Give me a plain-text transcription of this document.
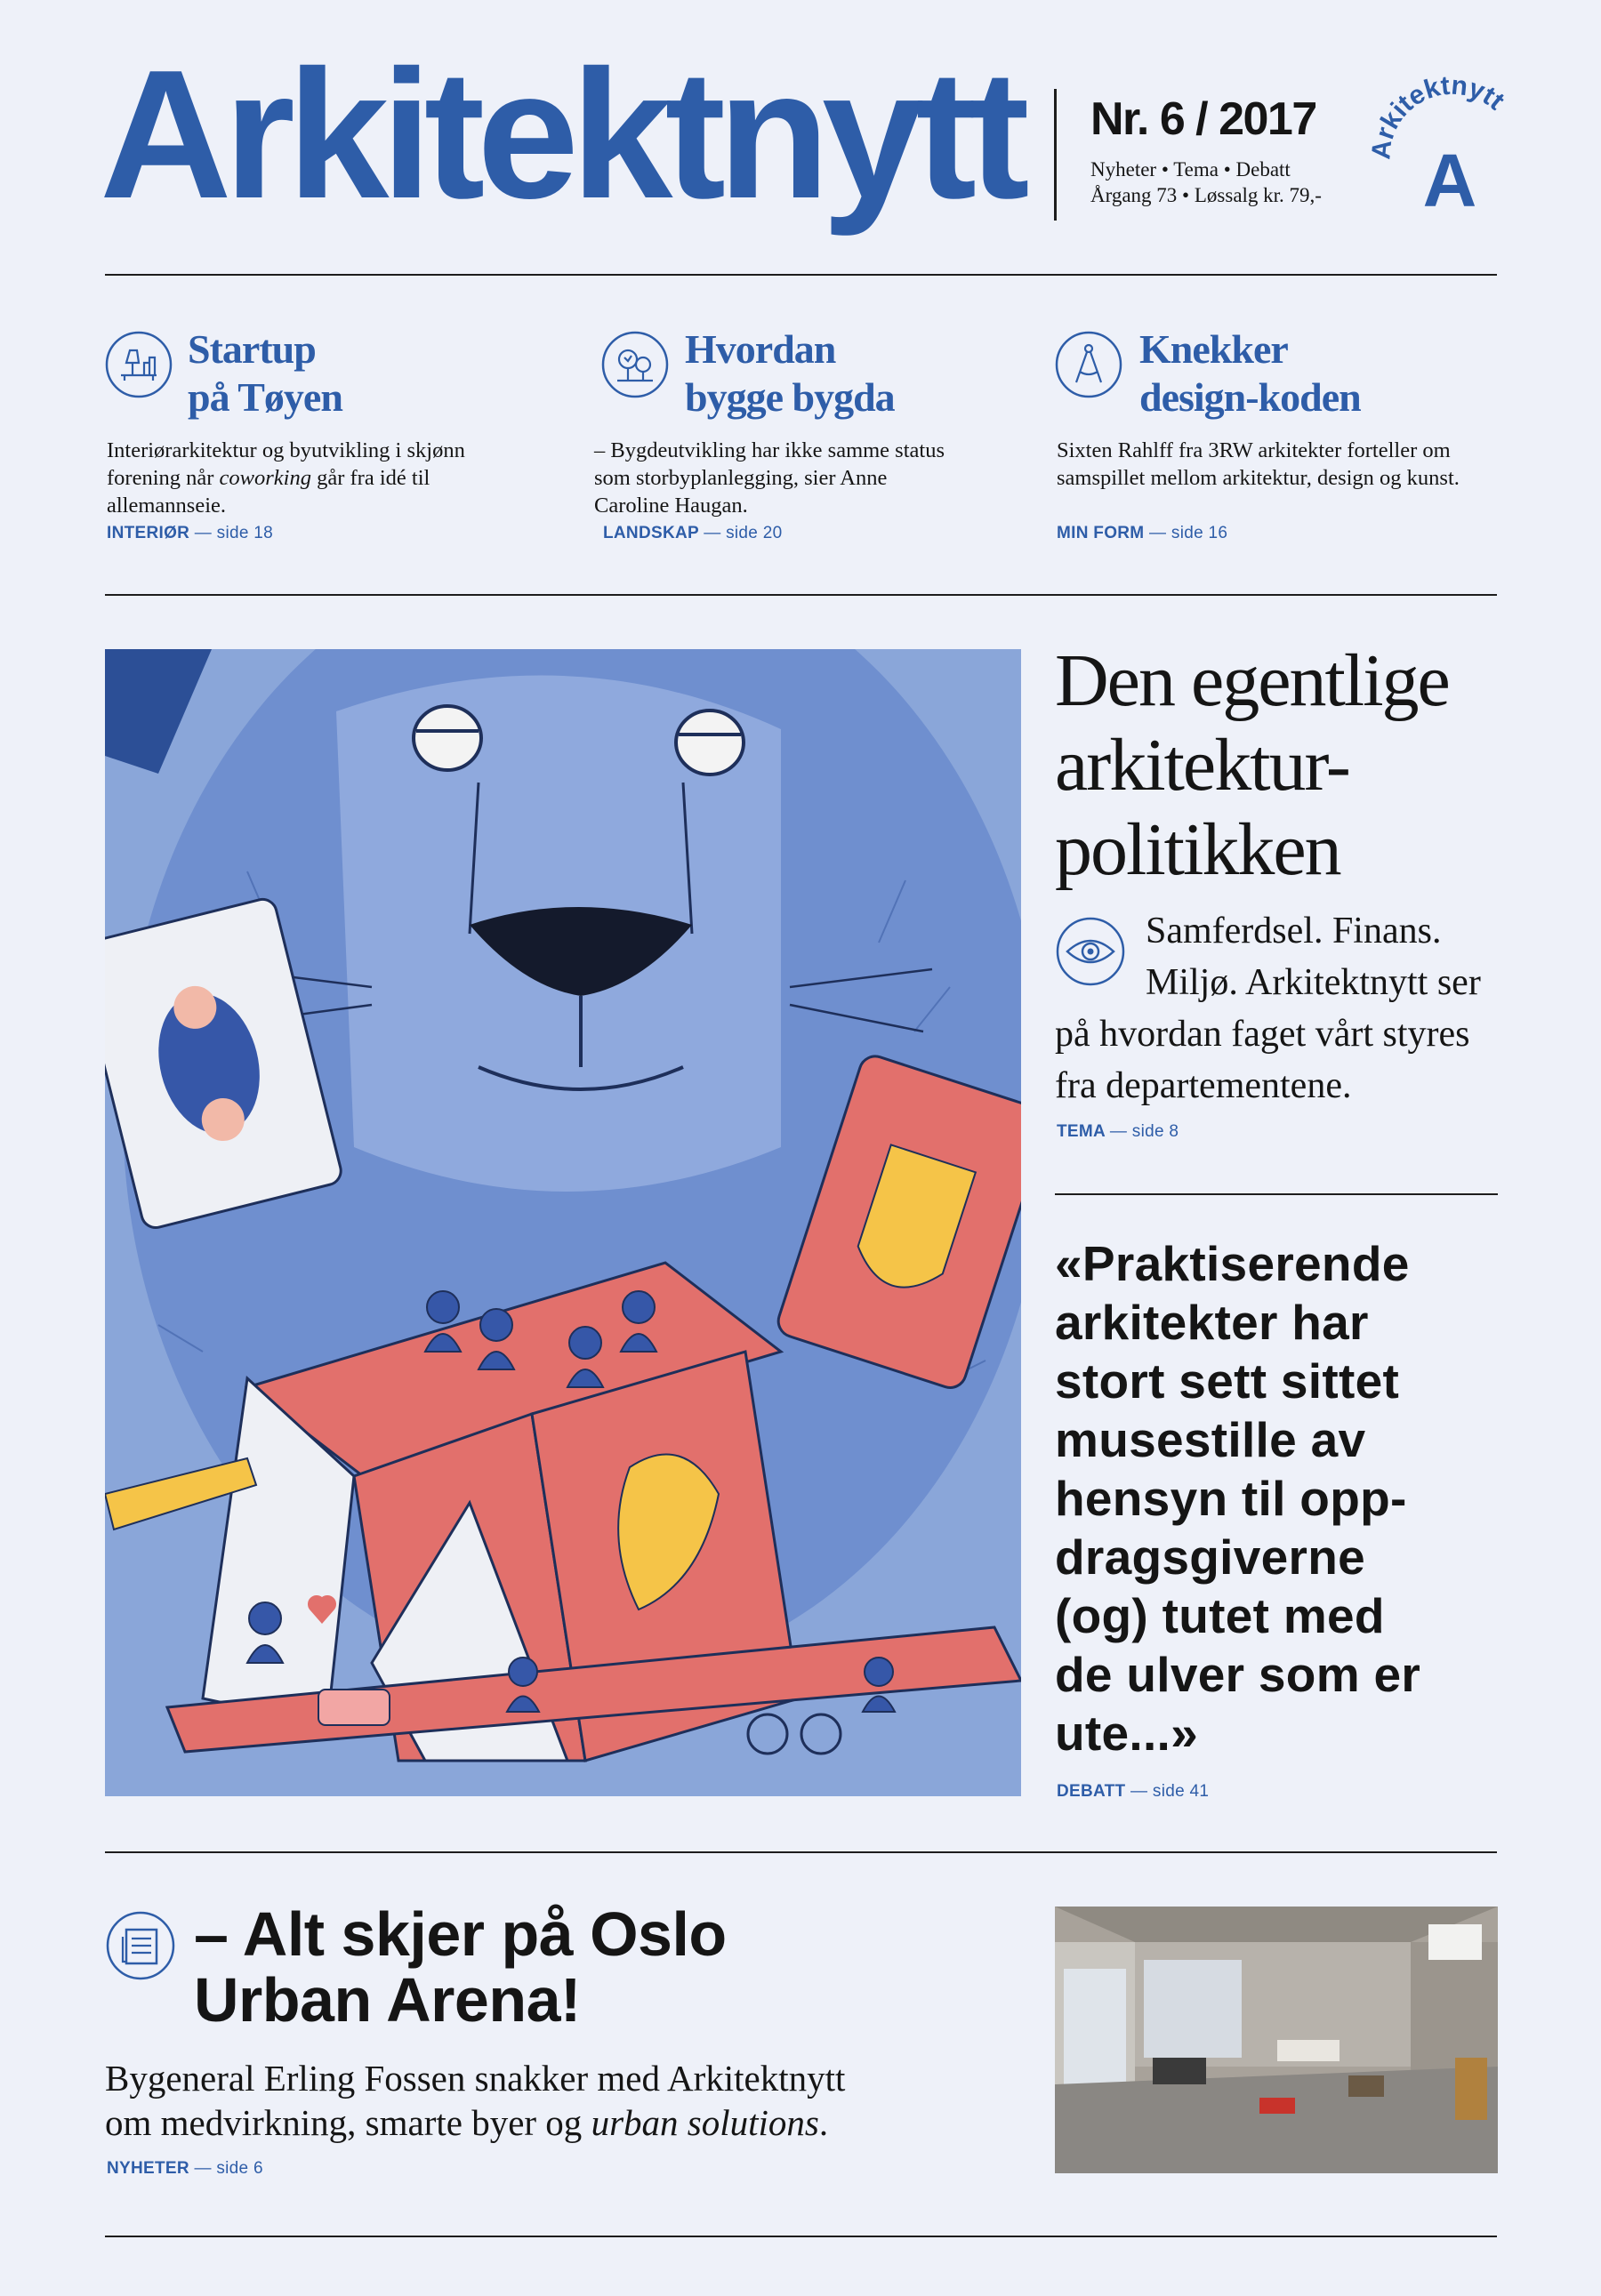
Arkitektnytt Nr. 6 / 2017
Nyheter • Tema • Debatt
Årgang 73 • Løssalg kr. 79,-
Arkitektnytt
A
Startup
på Tøyen
Interiørarkitektur og byutvikling i skjønn forening når coworking går fra idé til allemannseie.
INTERIØR — side 18
Hvordan
bygge bygda
– Bygdeutvikling har ikke samme status som storbyplanlegging, sier Anne Caroline Haugan.
LANDSKAP — side 20
Knekker
design-koden
Sixten Rahlff fra 3RW arkitekter forteller om samspillet mellom arkitektur, design og kunst.
MIN FORM — side 16
Den egentlige
arkitektur-
politikken
Samferdsel. Finans.
Miljø. Arkitektnytt ser
på hvordan faget vårt styres
fra departementene.
TEMA — side 8
«Praktiserende
arkitekter har
stort sett sittet
musestille av
hensyn til opp-
dragsgiverne
(og) tutet med
de ulver som er
ute...»
DEBATT — side 41
– Alt skjer på Oslo
Urban Arena!
Bygeneral Erling Fossen snakker med Arkitektnytt
om medvirkning, smarte byer og urban solutions.
NYHETER — side 6
